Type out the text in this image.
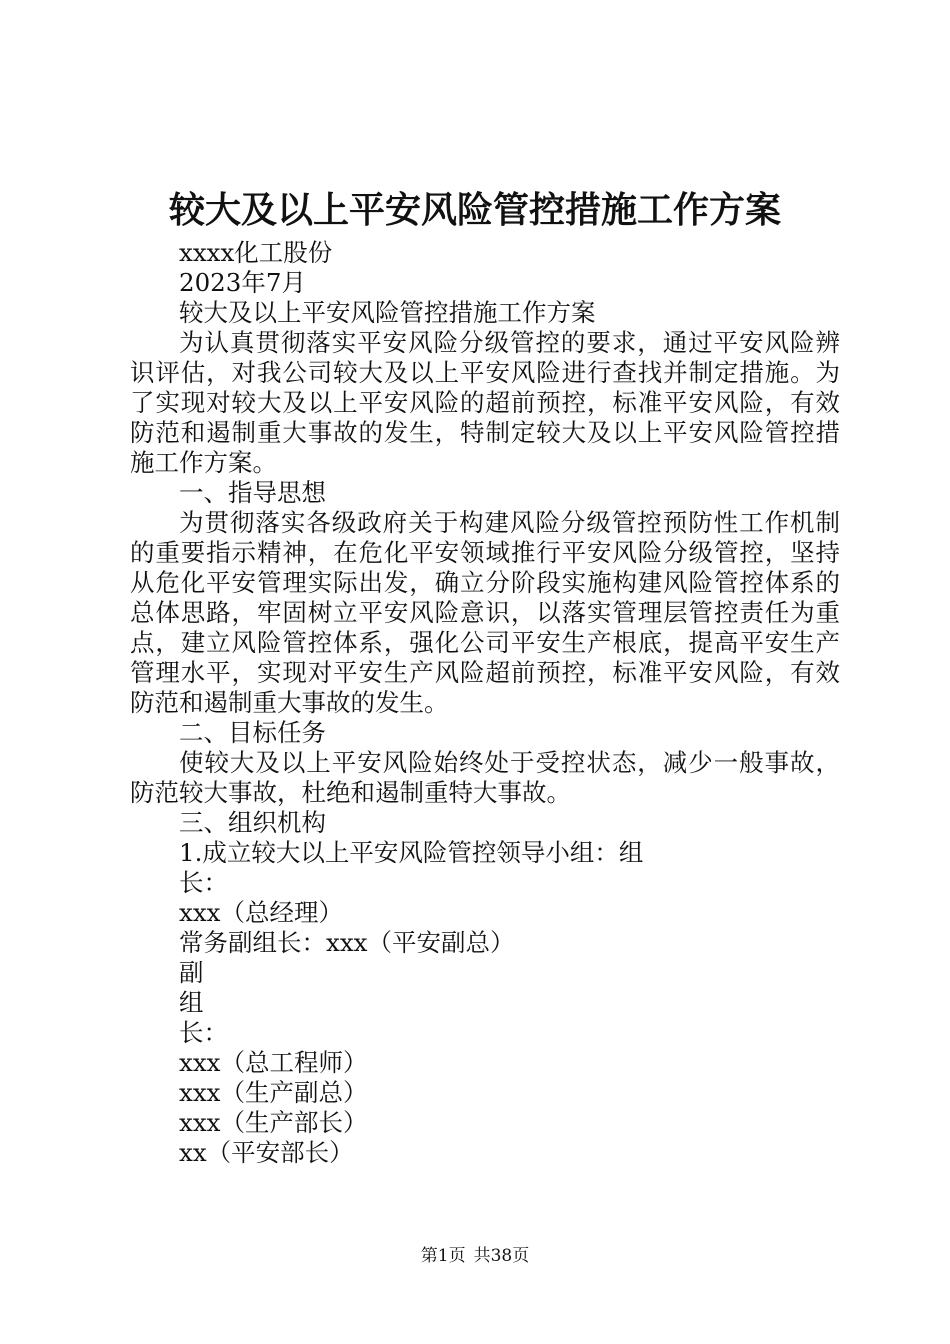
较大及以上平安风险管控措施工作方案

xxxx化工股份

2023年7月

较大及以上平安风险管控措施工作方案

为认真贯彻落实平安风险分级管控的要求，通过平安风险辨识评估，对我公司较大及以上平安风险进行查找并制定措施。为了实现对较大及以上平安风险的超前预控，标准平安风险，有效防范和遏制重大事故的发生，特制定较大及以上平安风险管控措施工作方案。

一、指导思想

为贯彻落实各级政府关于构建风险分级管控预防性工作机制的重要指示精神，在危化平安领域推行平安风险分级管控，坚持从危化平安管理实际出发，确立分阶段实施构建风险管控体系的总体思路，牢固树立平安风险意识，以落实管理层管控责任为重点，建立风险管控体系，强化公司平安生产根底，提高平安生产管理水平，实现对平安生产风险超前预控，标准平安风险，有效防范和遏制重大事故的发生。

二、目标任务

使较大及以上平安风险始终处于受控状态，减少一般事故，防范较大事故，杜绝和遏制重特大事故。

三、组织机构

1.成立较大以上平安风险管控领导小组：组

长：

xxx（总经理）

常务副组长：xxx（平安副总）

副

组

长：

xxx（总工程师）

xxx（生产副总）

xxx（生产部长）

xx（平安部长）

第1页 共38页
